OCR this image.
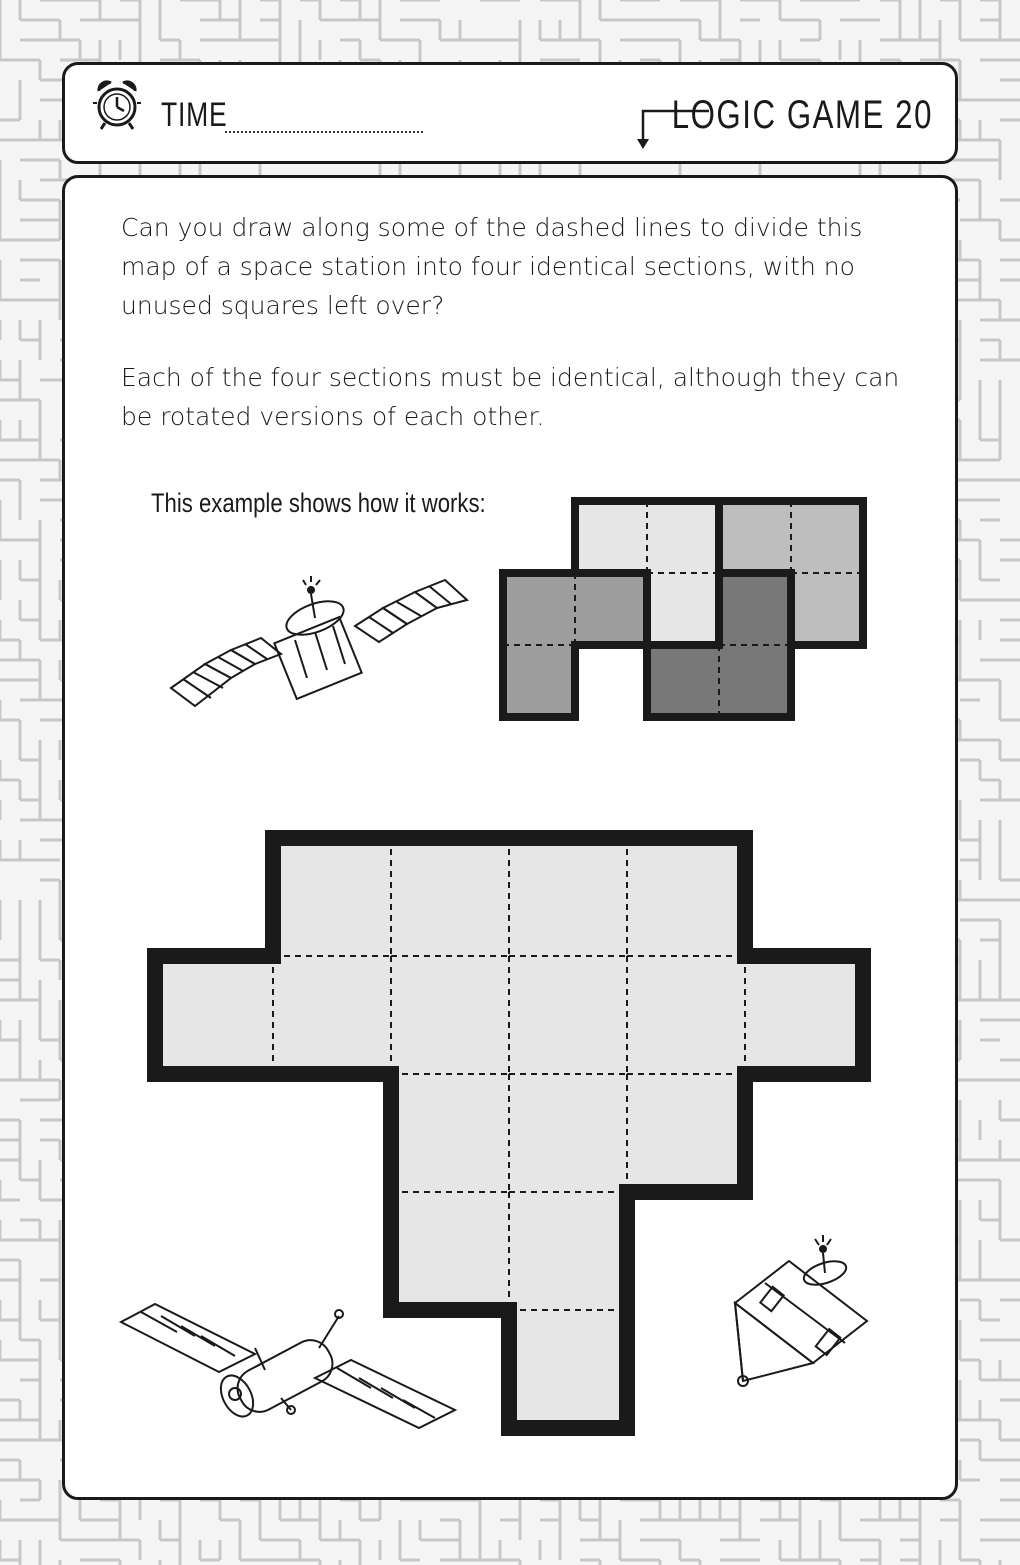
TIME	LOGIC GAME 20
Can you draw along some of the dashed lines to divide this map of a space station into four identical sections, with no unused squares left over?
Each of the four sections must be identical, although they can be rotated versions of each other.
This example shows how it works:
